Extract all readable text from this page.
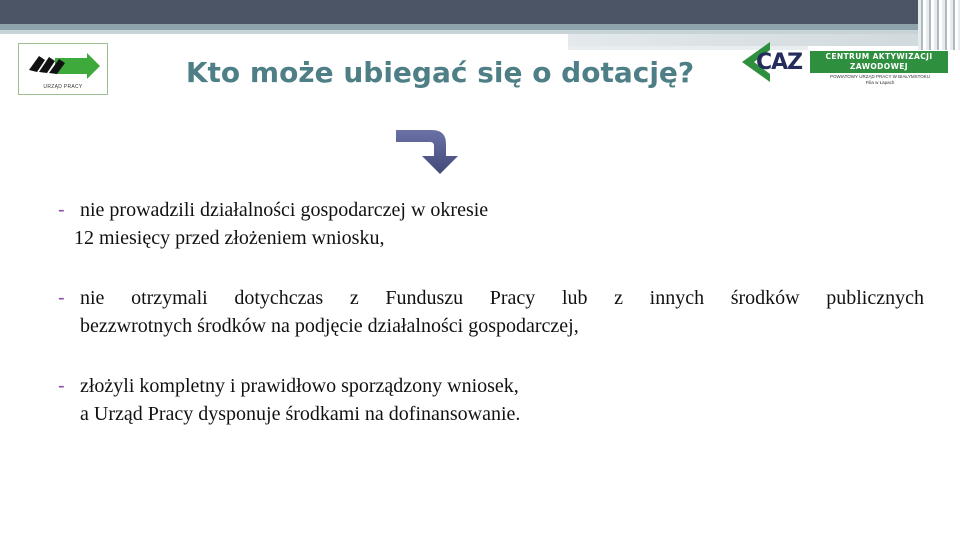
URZĄD PRACY	Kto może ubiegać się o dotację?	CAZ	CENTRUM AKTYWIZACJI
ZAWODOWEJ
POWIATOWY URZĄD PRACY W BIAŁYMSTOKU
Filia w Łapach
- nie prowadzili działalności gospodarczej w okresie
12 miesięcy przed złożeniem wniosku,
- nie otrzymali dotychczas z Funduszu Pracy lub z innych środków publicznych
bezzwrotnych środków na podjęcie działalności gospodarczej,
- złożyli kompletny i prawidłowo sporządzony wniosek,
a Urząd Pracy dysponuje środkami na dofinansowanie.
